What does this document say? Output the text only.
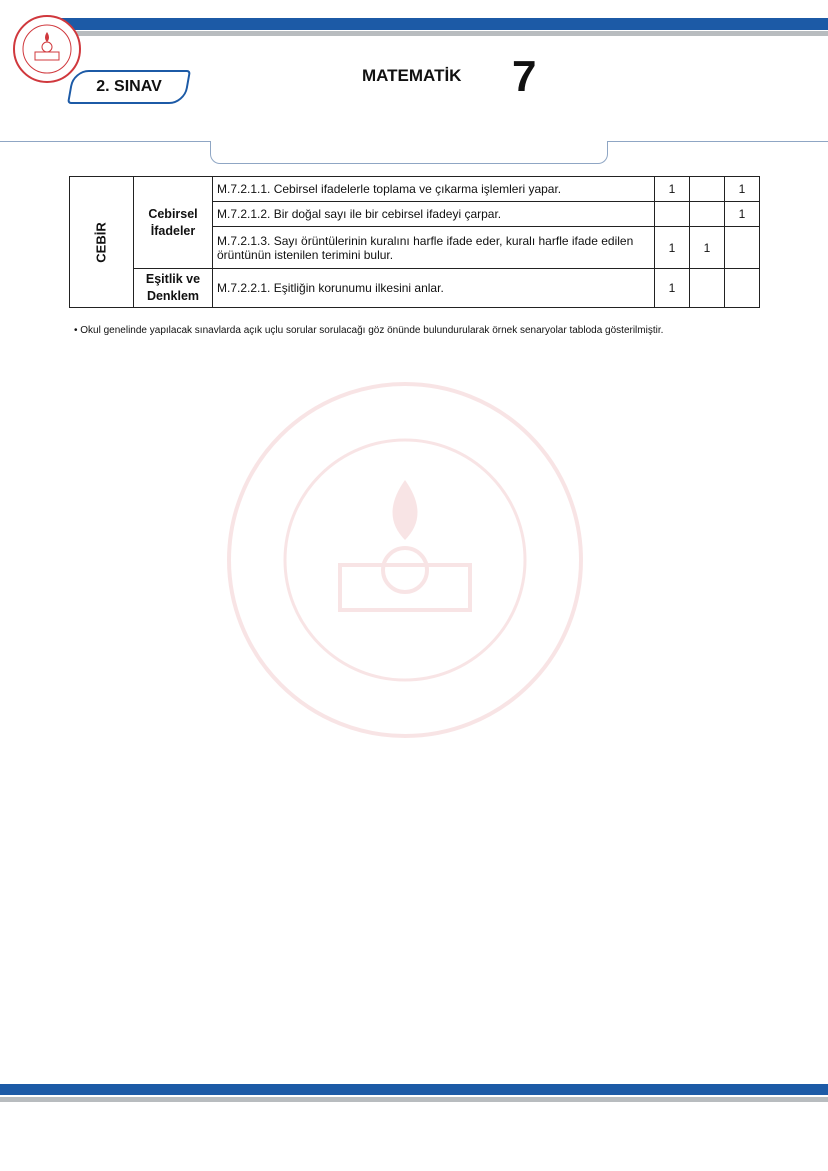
2. SINAV
MATEMATİK 7
CEBİR	Cebirsel İfadeler	M.7.2.1.1. Cebirsel ifadelerle toplama ve çıkarma işlemleri yapar.	1		1
		M.7.2.1.2. Bir doğal sayı ile bir cebirsel ifadeyi çarpar.			1
		M.7.2.1.3. Sayı örüntülerinin kuralını harfle ifade eder, kuralı harfle ifade edilen örüntünün istenilen terimini bulur.	1	1	
	Eşitlik ve Denklem	M.7.2.2.1. Eşitliğin korunumu ilkesini anlar.	1		
• Okul genelinde yapılacak sınavlarda açık uçlu sorular sorulacağı göz önünde bulundurularak örnek senaryolar tabloda gösterilmiştir.
